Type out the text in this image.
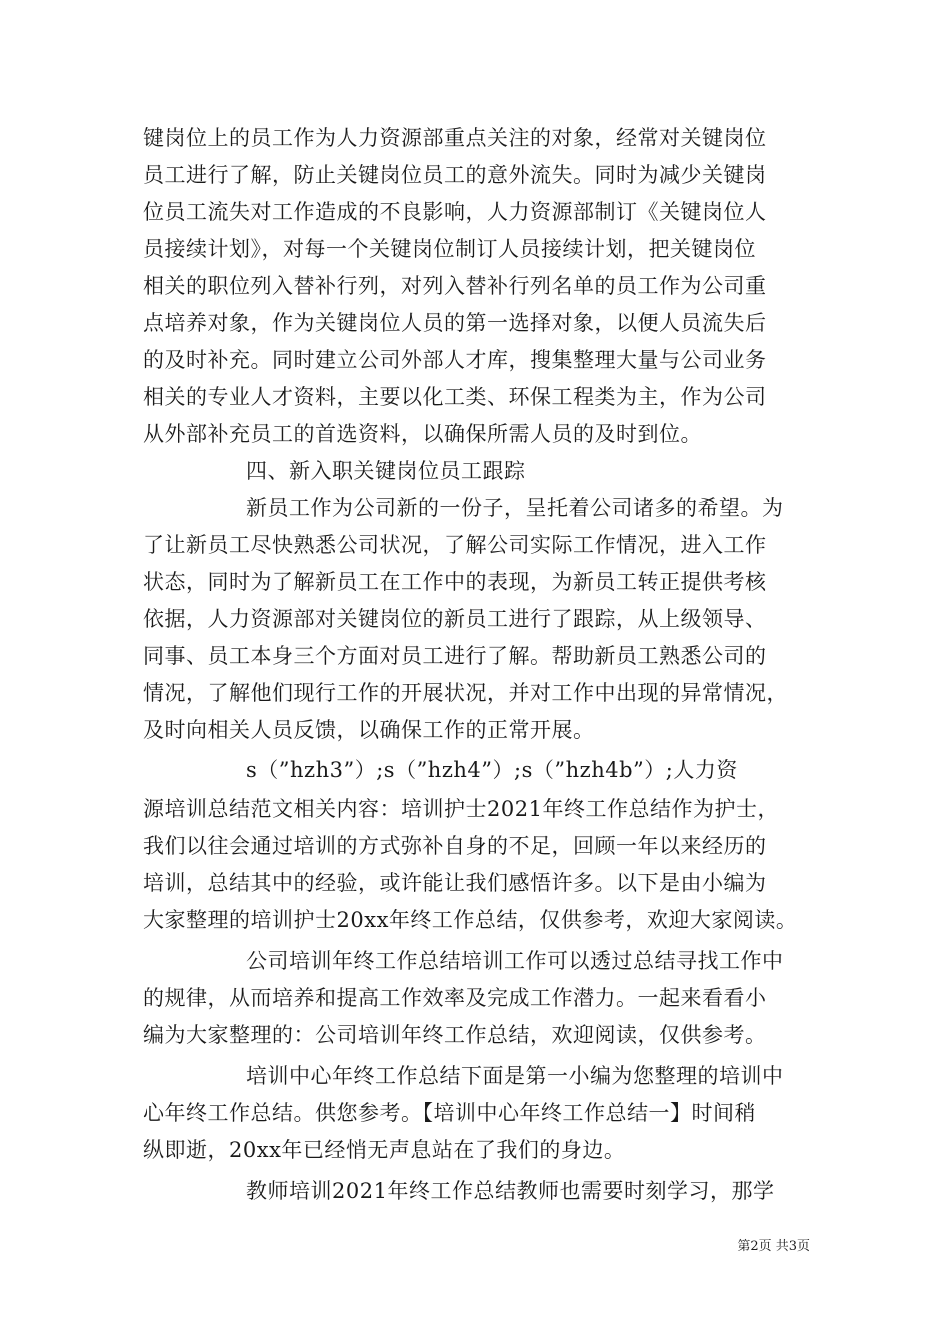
键岗位上的员工作为人力资源部重点关注的对象，经常对关键岗位
员工进行了解，防止关键岗位员工的意外流失。同时为减少关键岗
位员工流失对工作造成的不良影响，人力资源部制订《关键岗位人
员接续计划》，对每一个关键岗位制订人员接续计划，把关键岗位
相关的职位列入替补行列，对列入替补行列名单的员工作为公司重
点培养对象，作为关键岗位人员的第一选择对象，以便人员流失后
的及时补充。同时建立公司外部人才库，搜集整理大量与公司业务
相关的专业人才资料，主要以化工类、环保工程类为主，作为公司
从外部补充员工的首选资料，以确保所需人员的及时到位。
四、新入职关键岗位员工跟踪
新员工作为公司新的一份子，呈托着公司诸多的希望。为
了让新员工尽快熟悉公司状况，了解公司实际工作情况，进入工作
状态，同时为了解新员工在工作中的表现，为新员工转正提供考核
依据，人力资源部对关键岗位的新员工进行了跟踪，从上级领导、
同事、员工本身三个方面对员工进行了解。帮助新员工熟悉公司的
情况，了解他们现行工作的开展状况，并对工作中出现的异常情况，
及时向相关人员反馈，以确保工作的正常开展。
s（”hzh3”）;s（”hzh4”）;s（”hzh4b”）;人力资
源培训总结范文相关内容：培训护士2021年终工作总结作为护士，
我们以往会通过培训的方式弥补自身的不足，回顾一年以来经历的
培训，总结其中的经验，或许能让我们感悟许多。以下是由小编为
大家整理的培训护士20xx年终工作总结，仅供参考，欢迎大家阅读。
公司培训年终工作总结培训工作可以透过总结寻找工作中
的规律，从而培养和提高工作效率及完成工作潜力。一起来看看小
编为大家整理的：公司培训年终工作总结，欢迎阅读，仅供参考。
培训中心年终工作总结下面是第一小编为您整理的培训中
心年终工作总结。供您参考。【培训中心年终工作总结一】时间稍
纵即逝，20xx年已经悄无声息站在了我们的身边。
教师培训2021年终工作总结教师也需要时刻学习，那学
第2页 共3页
